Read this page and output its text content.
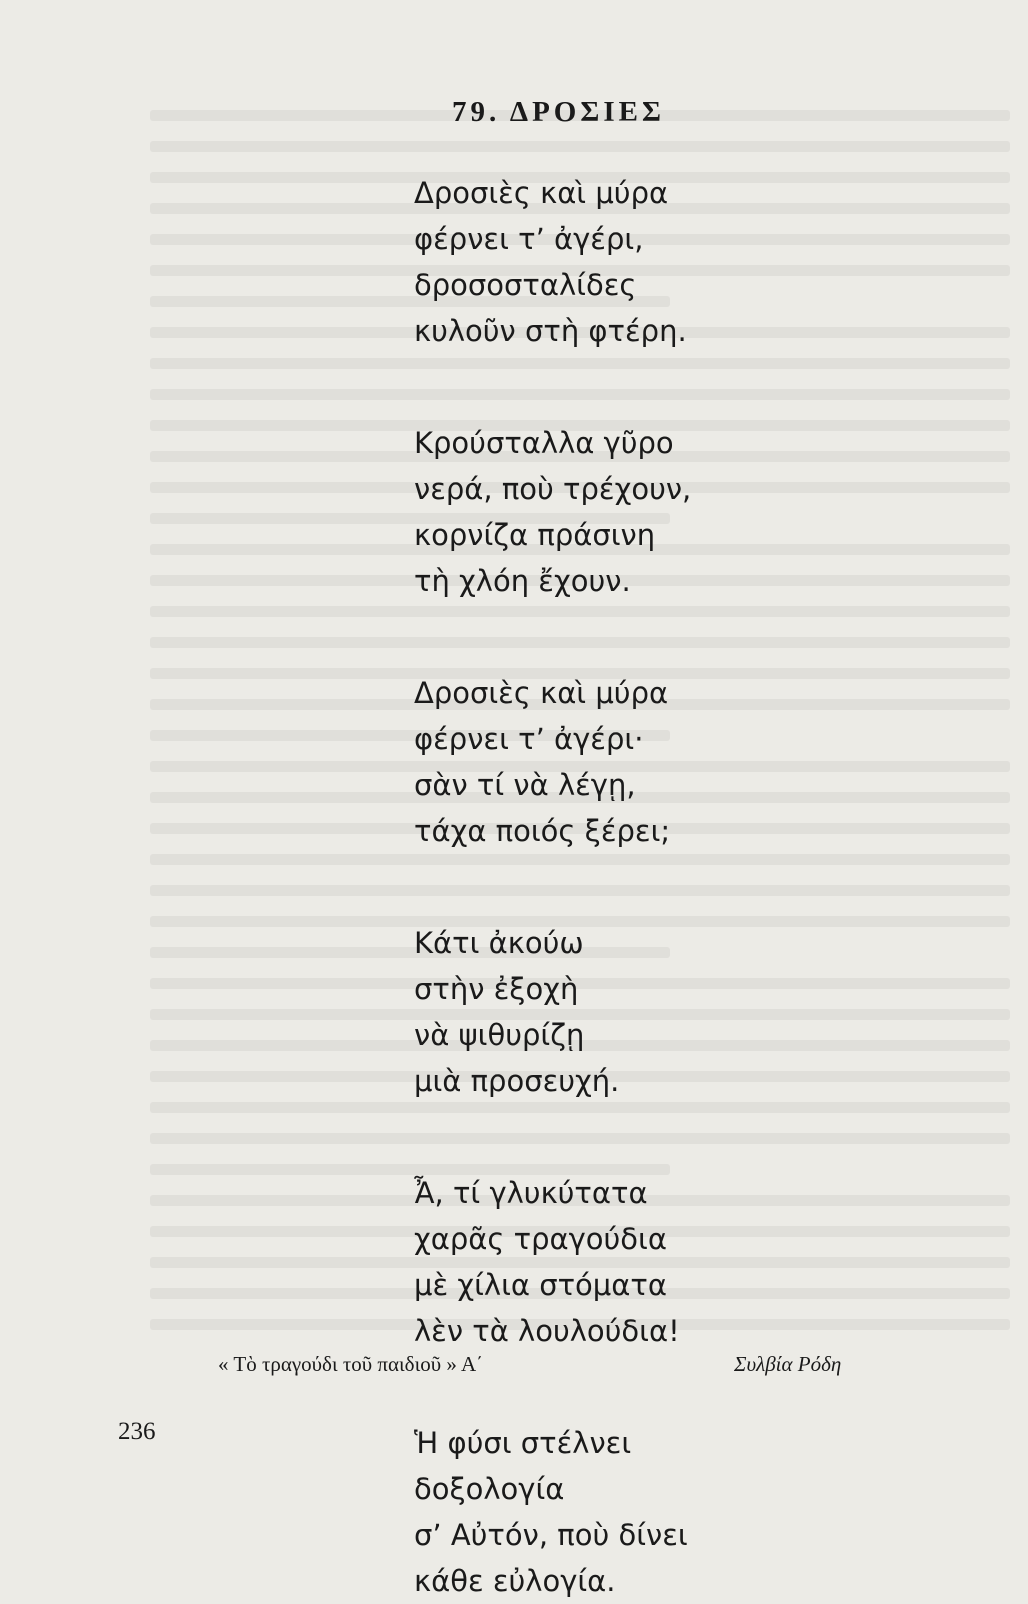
79. ΔΡΟΣΙΕΣ

Δροσιὲς καὶ μύρα

φέρνει τ’ ἀγέρι,

δροσοσταλίδες

κυλοῦν στὴ φτέρη.

Κρούσταλλα γῦρο

νερά, ποὺ τρέχουν,

κορνίζα πράσινη

τὴ χλόη ἔχουν.

Δροσιὲς καὶ μύρα

φέρνει τ’ ἀγέρι·

σὰν τί νὰ λέγῃ,

τάχα ποιός ξέρει;

Κάτι ἀκούω

στὴν ἐξοχὴ

νὰ ψιθυρίζῃ

μιὰ προσευχή.

Ἆ, τί γλυκύτατα

χαρᾶς τραγούδια

μὲ χίλια στόματα

λὲν τὰ λουλούδια!

Ἡ φύσι στέλνει

δοξολογία

σ’ Αὐτόν, ποὺ δίνει

κάθε εὐλογία.

« Τὸ τραγούδι τοῦ παιδιοῦ » Α΄	Συλβία Ρόδη
236
